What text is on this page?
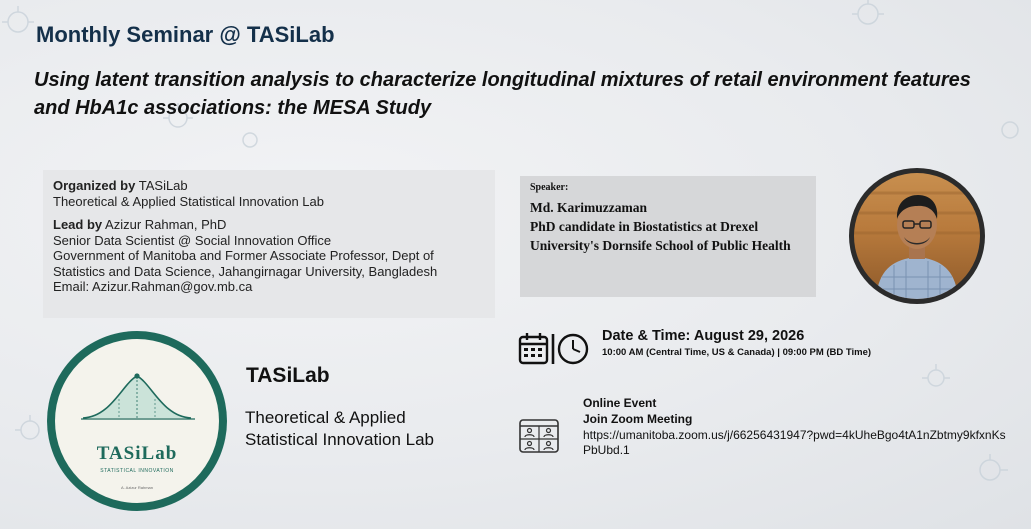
Monthly Seminar @ TASiLab
Using latent transition analysis to characterize longitudinal mixtures of retail environment features and HbA1c associations: the MESA Study
Organized by TASiLab
Theoretical & Applied Statistical Innovation Lab
Lead by Azizur Rahman, PhD
Senior Data Scientist @ Social Innovation Office
Government of Manitoba and Former Associate Professor, Dept of Statistics and Data Science, Jahangirnagar University, Bangladesh
Email: Azizur.Rahman@gov.mb.ca
Speaker:
Md. Karimuzzaman
PhD candidate in Biostatistics at Drexel University's Dornsife School of Public Health
TASiLab
STATISTICAL INNOVATION
A. Azizur Rahman
TASiLab
Theoretical & Applied Statistical Innovation Lab
Date & Time: August 29, 2026
10:00 AM (Central Time, US & Canada) | 09:00 PM (BD Time)
Online Event
Join Zoom Meeting
https://umanitoba.zoom.us/j/66256431947?pwd=4kUheBgo4tA1nZbtmy9kfxnKsPbUbd.1
